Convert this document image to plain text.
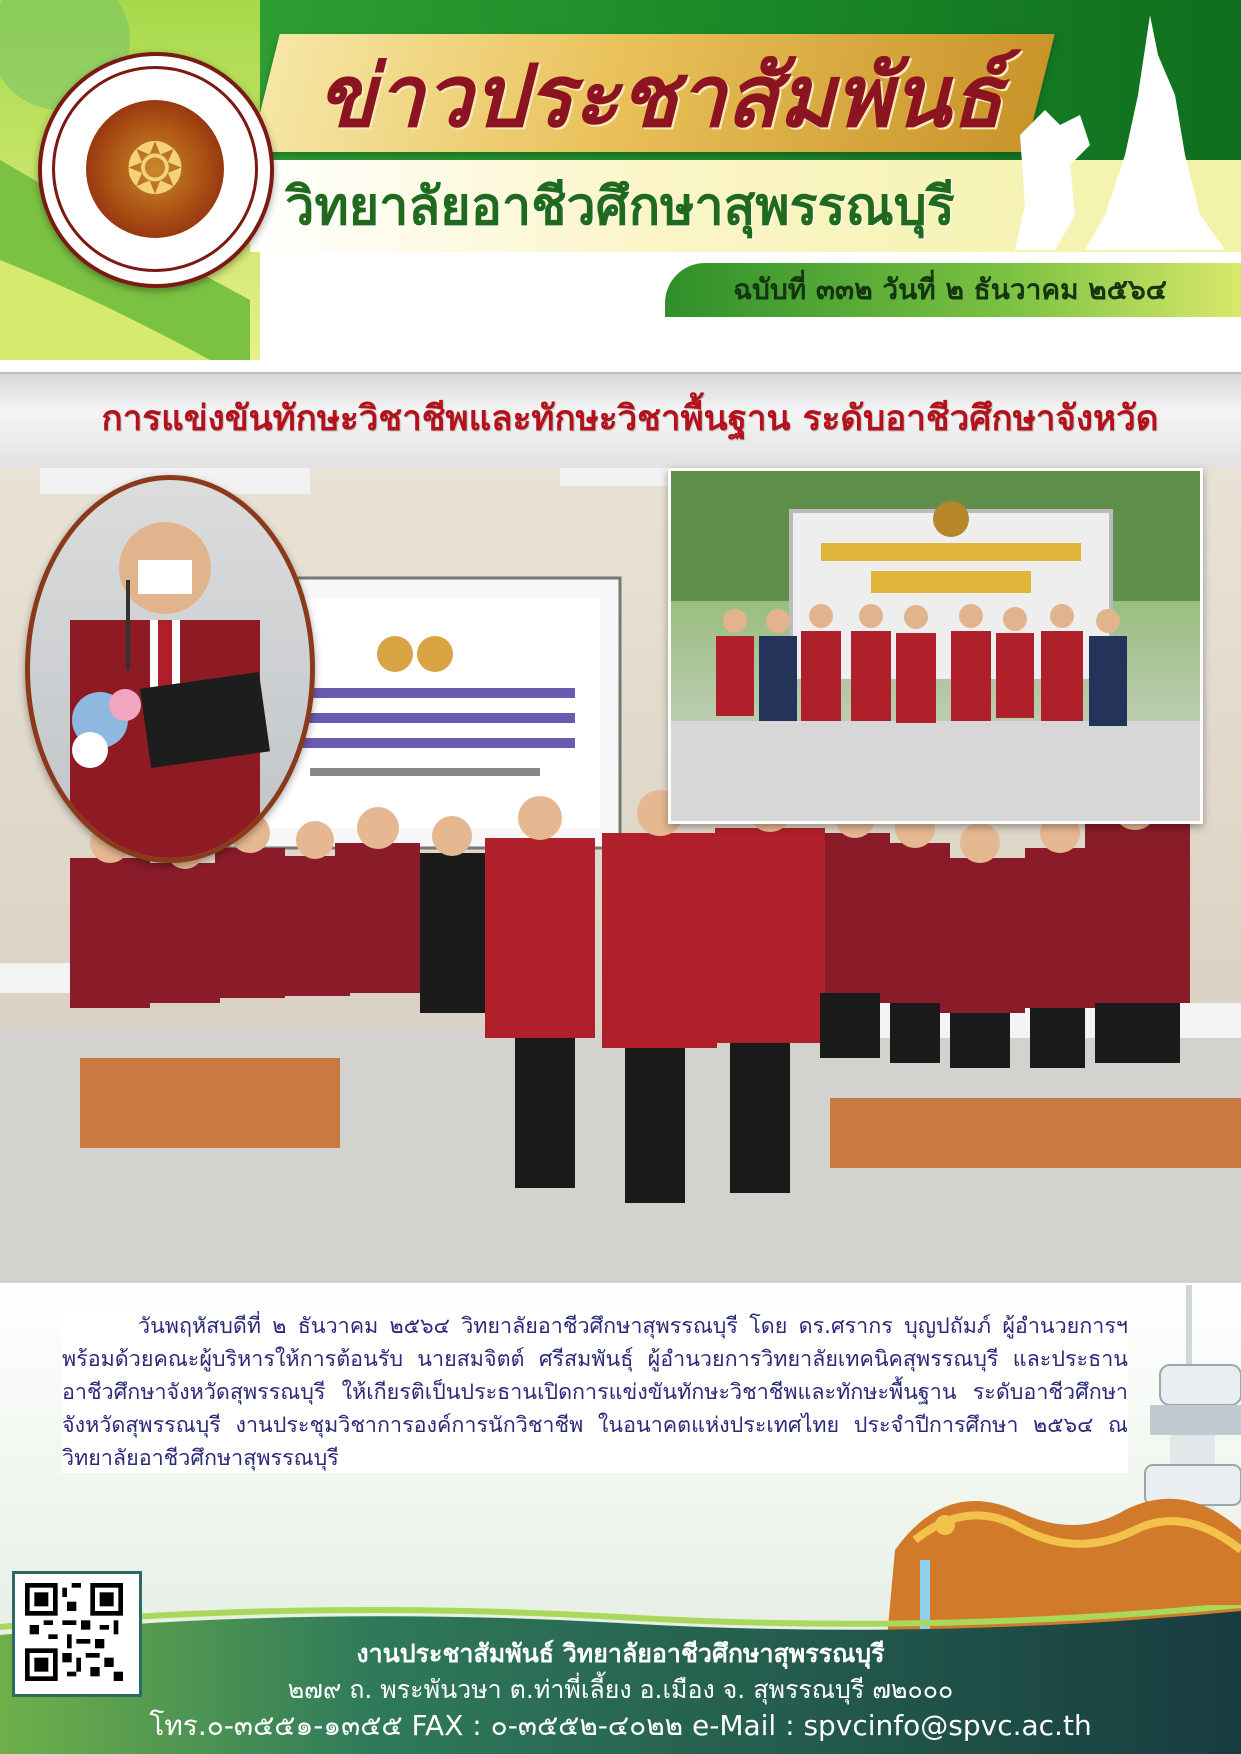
ข่าวประชาสัมพันธ์
วิทยาลัยอาชีวศึกษาสุพรรณบุรี
ฉบับที่ ๓๓๒ วันที่ ๒ ธันวาคม ๒๕๖๔
❂
การแข่งขันทักษะวิชาชีพและทักษะวิชาพื้นฐาน ระดับอาชีวศึกษาจังหวัด

วันพฤหัสบดีที่ ๒ ธันวาคม ๒๕๖๔ วิทยาลัยอาชีวศึกษาสุพรรณบุรี โดย ดร.ศรากร บุญปถัมภ์ ผู้อำนวยการฯ พร้อมด้วยคณะผู้บริหารให้การต้อนรับ นายสมจิตต์ ศรีสมพันธุ์ ผู้อำนวยการวิทยาลัยเทคนิคสุพรรณบุรี และประธานอาชีวศึกษาจังหวัดสุพรรณบุรี ให้เกียรติเป็นประธานเปิดการแข่งขันทักษะวิชาชีพและทักษะพื้นฐาน ระดับอาชีวศึกษาจังหวัดสุพรรณบุรี งานประชุมวิชาการองค์การนักวิชาชีพ ในอนาคตแห่งประเทศไทย ประจำปีการศึกษา ๒๕๖๔ ณ วิทยาลัยอาชีวศึกษาสุพรรณบุรี

งานประชาสัมพันธ์ วิทยาลัยอาชีวศึกษาสุพรรณบุรี
๒๗๙ ถ. พระพันวษา ต.ท่าพี่เลี้ยง อ.เมือง จ. สุพรรณบุรี ๗๒๐๐๐
โทร.๐-๓๕๕๑-๑๓๕๕ FAX : ๐-๓๕๕๒-๔๐๒๒ e-Mail : spvcinfo@spvc.ac.th
